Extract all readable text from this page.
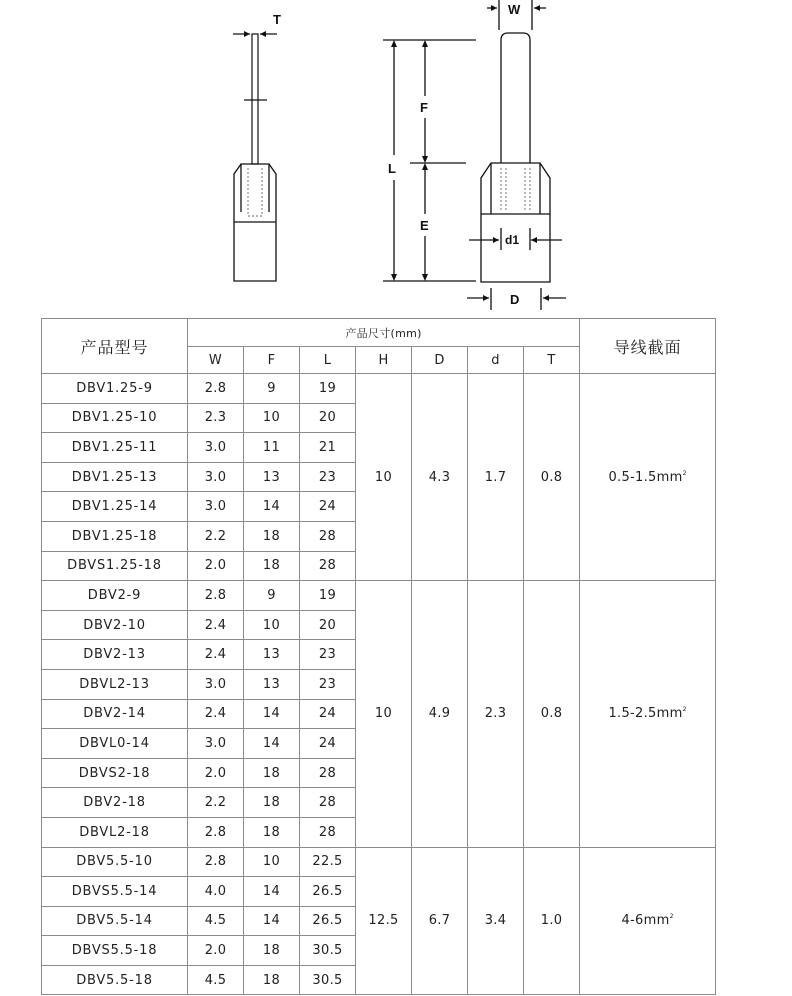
T
W
L
F
E
d1
D
产品型号	产品尺寸(mm)							导线截面
	W	F	L	H	D	d	T	
DBV1.25-9	2.8	9	19	10	4.3	1.7	0.8	$0.5-1.5mm^2$
DBV1.25-10	2.3	10	20					
DBV1.25-11	3.0	11	21					
DBV1.25-13	3.0	13	23					
DBV1.25-14	3.0	14	24					
DBV1.25-18	2.2	18	28					
DBVS1.25-18	2.0	18	28					
DBV2-9	2.8	9	19	10	4.9	2.3	0.8	$1.5-2.5mm^2$
DBV2-10	2.4	10	20					
DBV2-13	2.4	13	23					
DBVL2-13	3.0	13	23					
DBV2-14	2.4	14	24					
DBVL0-14	3.0	14	24					
DBVS2-18	2.0	18	28					
DBV2-18	2.2	18	28					
DBVL2-18	2.8	18	28					
DBV5.5-10	2.8	10	22.5	12.5	6.7	3.4	1.0	$4-6mm^2$
DBVS5.5-14	4.0	14	26.5					
DBV5.5-14	4.5	14	26.5					
DBVS5.5-18	2.0	18	30.5					
DBV5.5-18	4.5	18	30.5					
